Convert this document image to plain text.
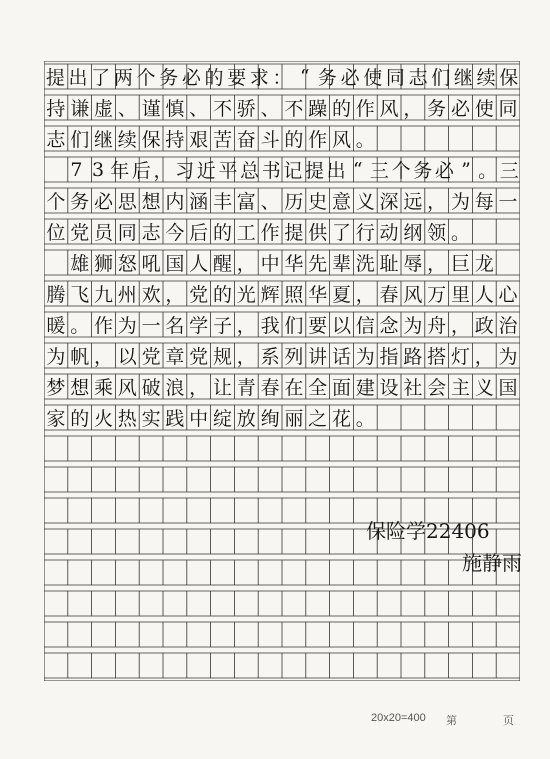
提 出 了 两 个 务 必 的 要 求 ： “ 务 必 使 同 志 们 继 续 保
持 谦 虚 、 谨 慎 、 不 骄 、 不 躁 的 作 风 ， 务 必 使 同
志 们 继 续 保 持 艰 苦 奋 斗 的 作 风 。

7 3 年 后 ， 习 近 平 总 书 记 提 出 “ 三 个 务 必 ” 。 三
个 务 必 思 想 内 涵 丰 富 、 历 史 意 义 深 远 ， 为 每 一
位 党 员 同 志 今 后 的 工 作 提 供 了 行 动 纲 领 。

雄 狮 怒 吼 国 人 醒 ， 中 华 先 辈 洗 耻 辱 ， 巨 龙
腾 飞 九 州 欢 ， 党 的 光 辉 照 华 夏 ， 春 风 万 里 人 心
暖 。 作 为 一 名 学 子 ， 我 们 要 以 信 念 为 舟 ， 政 治
为 帆 ， 以 党 章 党 规 ， 系 列 讲 话 为 指 路 搭 灯 ， 为
梦 想 乘 风 破 浪 ， 让 青 春 在 全 面 建 设 社 会 主 义 国
家 的 火 热 实 践 中 绽 放 绚 丽 之 花 。
保险学22406
施静雨
20x20=400 第	页
